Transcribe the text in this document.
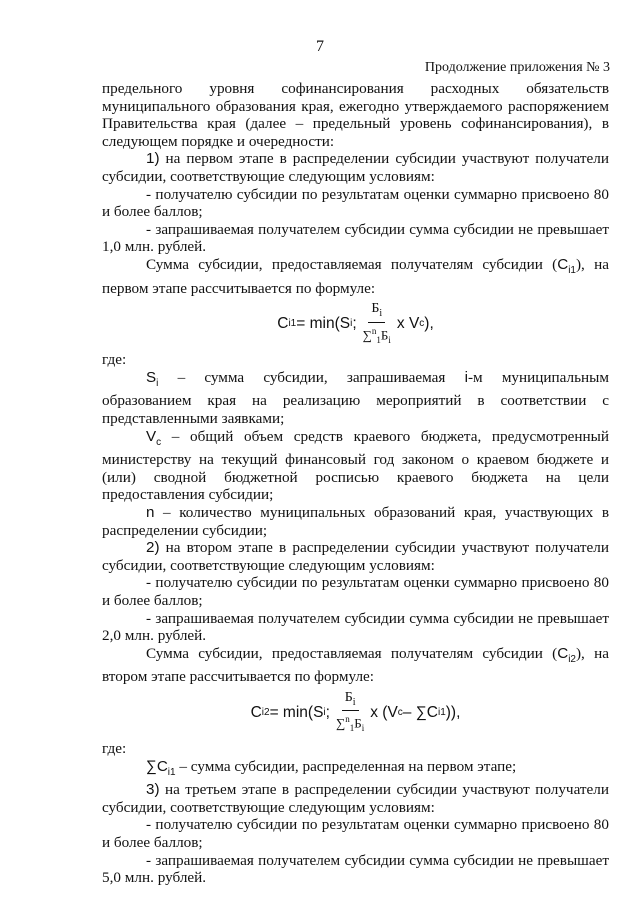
7
Продолжение приложения № 3

предельного уровня софинансирования расходных обязательств муниципального образования края, ежегодно утверждаемого распоряжением Правительства края (далее – предельный уровень софинансирования), в следующем порядке и очередности:

1) на первом этапе в распределении субсидии участвуют получатели субсидии, соответствующие следующим условиям:

- получателю субсидии по результатам оценки суммарно присвоено 80 и более баллов;

- запрашиваемая получателем субсидии сумма субсидии не превышает 1,0 млн. рублей.

Сумма субсидии, предоставляемая получателям субсидии $(C_{i1})$, на первом этапе рассчитывается по формуле:

C i1 = min(S i ; $\frac{Б_i}{\sum^n_1Б_i}$ x V c ),

где:

$S_i$ – сумма субсидии, запрашиваемая i-м муниципальным образованием края на реализацию мероприятий в соответствии с представленными заявками;

$V_c$ – общий объем средств краевого бюджета, предусмотренный министерству на текущий финансовый год законом о краевом бюджете и (или) сводной бюджетной росписью краевого бюджета на цели предоставления субсидии;

n – количество муниципальных образований края, участвующих в распределении субсидии;

2) на втором этапе в распределении субсидии участвуют получатели субсидии, соответствующие следующим условиям:

- получателю субсидии по результатам оценки суммарно присвоено 80 и более баллов;

- запрашиваемая получателем субсидии сумма субсидии не превышает 2,0 млн. рублей.

Сумма субсидии, предоставляемая получателям субсидии $(C_{i2})$, на втором этапе рассчитывается по формуле:

C i2 = min(S i ; $\frac{Б_i}{\sum^n_1Б_i}$ x (V c – ∑C i1 )),

где:

$\sum C_{i1}$ – сумма субсидии, распределенная на первом этапе;

3) на третьем этапе в распределении субсидии участвуют получатели субсидии, соответствующие следующим условиям:

- получателю субсидии по результатам оценки суммарно присвоено 80 и более баллов;

- запрашиваемая получателем субсидии сумма субсидии не превышает 5,0 млн. рублей.
